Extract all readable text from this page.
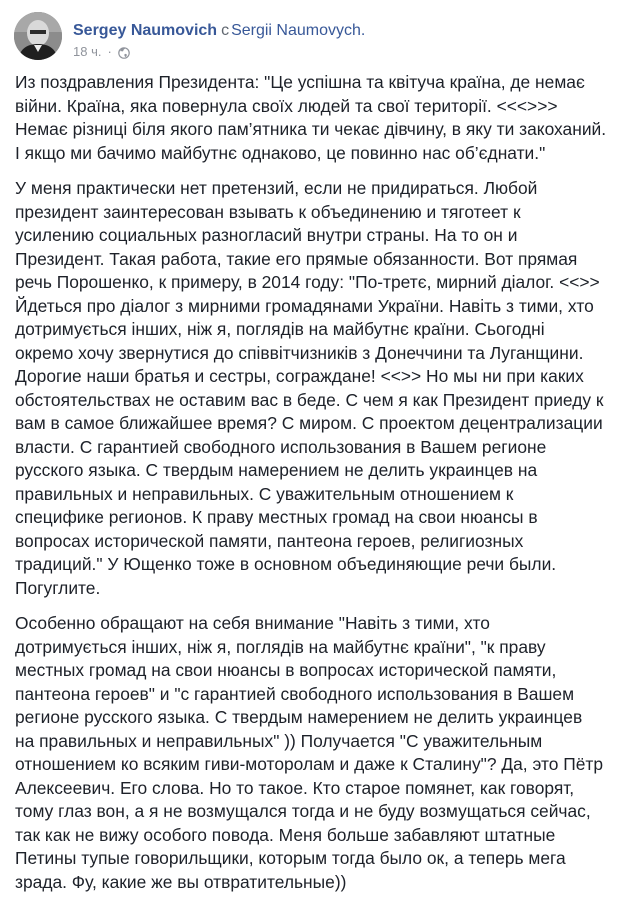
Sergey Naumovich с Sergii Naumovych.
18 ч. ·

Из поздравления Президента: "Це успішна та квітуча країна, де немає
війни. Країна, яка повернула своїх людей та свої території. <<<>>>
Немає різниці біля якого пам’ятника ти чекає дівчину, в яку ти закоханий.
І якщо ми бачимо майбутнє однаково, це повинно нас об’єднати."

У меня практически нет претензий, если не придираться. Любой
президент заинтересован взывать к объединению и тяготеет к
усилению социальных разногласий внутри страны. На то он и
Президент. Такая работа, такие его прямые обязанности. Вот прямая
речь Порошенко, к примеру, в 2014 году: "По-третє, мирний діалог. <<>>
Йдеться про діалог з мирними громадянами України. Навіть з тими, хто
дотримується інших, ніж я, поглядів на майбутнє країни. Сьогодні
окремо хочу звернутися до співвітчизників з Донеччини та Луганщини.
Дорогие наши братья и сестры, сограждане! <<>> Но мы ни при каких
обстоятельствах не оставим вас в беде. С чем я как Президент приеду к
вам в самое ближайшее время? С миром. С проектом децентрализации
власти. С гарантией свободного использования в Вашем регионе
русского языка. С твердым намерением не делить украинцев на
правильных и неправильных. С уважительным отношением к
специфике регионов. К праву местных громад на свои нюансы в
вопросах исторической памяти, пантеона героев, религиозных
традиций." У Ющенко тоже в основном объединяющие речи были.
Погуглите.

Особенно обращают на себя внимание "Навіть з тими, хто
дотримується інших, ніж я, поглядів на майбутнє країни", "к праву
местных громад на свои нюансы в вопросах исторической памяти,
пантеона героев" и "с гарантией свободного использования в Вашем
регионе русского языка. С твердым намерением не делить украинцев
на правильных и неправильных" )) Получается "С уважительным
отношением ко всяким гиви-моторолам и даже к Сталину"? Да, это Пётр
Алексеевич. Его слова. Но то такое. Кто старое помянет, как говорят,
тому глаз вон, а я не возмущался тогда и не буду возмущаться сейчас,
так как не вижу особого повода. Меня больше забавляют штатные
Петины тупые говорильщики, которым тогда было ок, а теперь мега
зрада. Фу, какие же вы отвратительные))
